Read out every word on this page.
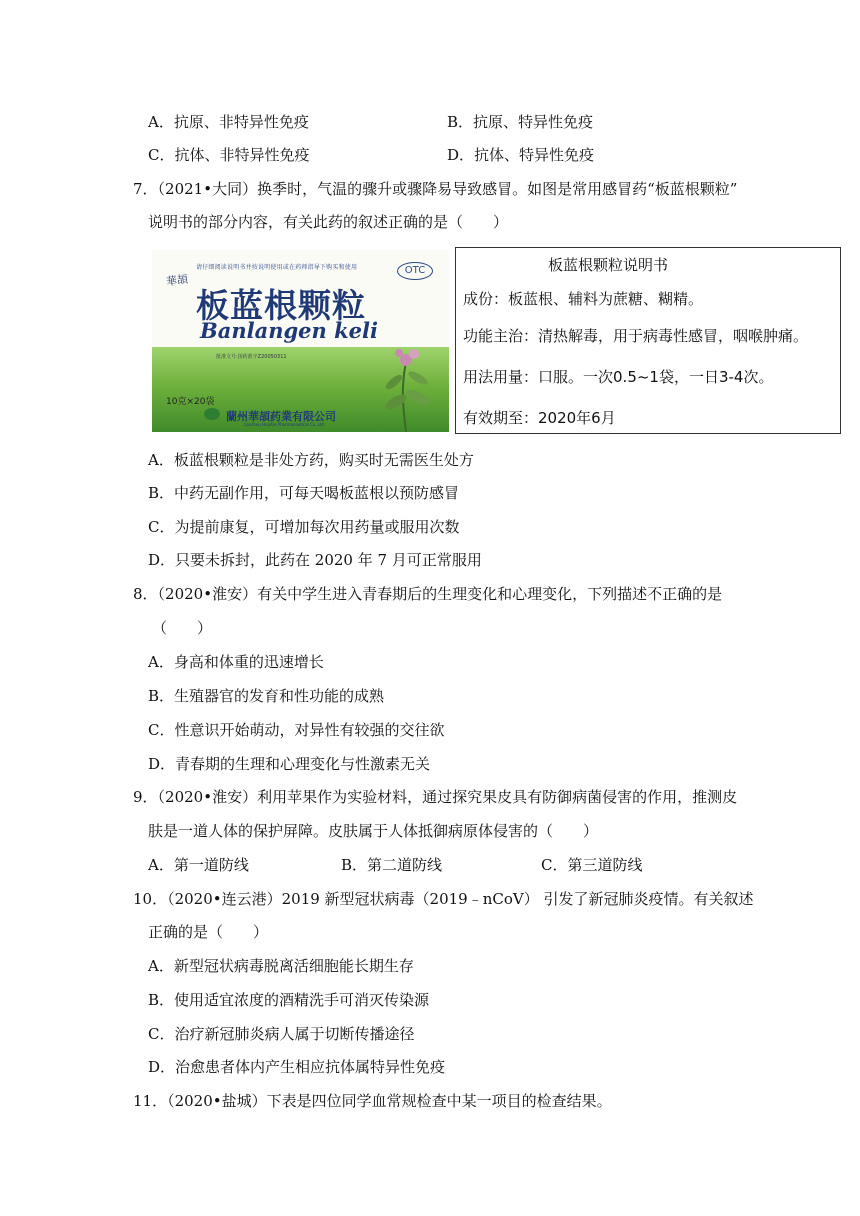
A．抗原、非特异性免疫	B．抗原、特异性免疫
C．抗体、非特异性免疫	D．抗体、特异性免疫
7．（2021•大同）换季时，气温的骤升或骤降易导致感冒。如图是常用感冒药“板蓝根颗粒”
说明书的部分内容，有关此药的叙述正确的是（　　）
请仔细阅读说明书并按说明使用或在药师指导下购买和使用
華頡
OTC
板蓝根颗粒
Banlangen keli
批准文号:国药准字Z20050311
10克×20袋
蘭州華頡药業有限公司
Lanzhou HuaXie Pharmaceutical Co.,Ltd
板蓝根颗粒说明书
成份：板蓝根、辅料为蔗糖、糊精。
功能主治：清热解毒，用于病毒性感冒，咽喉肿痛。
用法用量：口服。一次0.5~1袋，一日3-4次。
有效期至：2020年6月
A．板蓝根颗粒是非处方药，购买时无需医生处方
B．中药无副作用，可每天喝板蓝根以预防感冒
C．为提前康复，可增加每次用药量或服用次数
D．只要未拆封，此药在 2020 年 7 月可正常服用
8．（2020•淮安）有关中学生进入青春期后的生理变化和心理变化，下列描述不正确的是
（　　）
A．身高和体重的迅速增长
B．生殖器官的发育和性功能的成熟
C．性意识开始萌动，对异性有较强的交往欲
D．青春期的生理和心理变化与性激素无关
9．（2020•淮安）利用苹果作为实验材料，通过探究果皮具有防御病菌侵害的作用，推测皮
肤是一道人体的保护屏障。皮肤属于人体抵御病原体侵害的（　　）
A．第一道防线	B．第二道防线	C．第三道防线
10．（2020•连云港）2019 新型冠状病毒（2019﹣nCoV） 引发了新冠肺炎疫情。有关叙述
正确的是（　　）
A．新型冠状病毒脱离活细胞能长期生存
B．使用适宜浓度的酒精洗手可消灭传染源
C．治疗新冠肺炎病人属于切断传播途径
D．治愈患者体内产生相应抗体属特异性免疫
11．（2020•盐城）下表是四位同学血常规检查中某一项目的检查结果。
